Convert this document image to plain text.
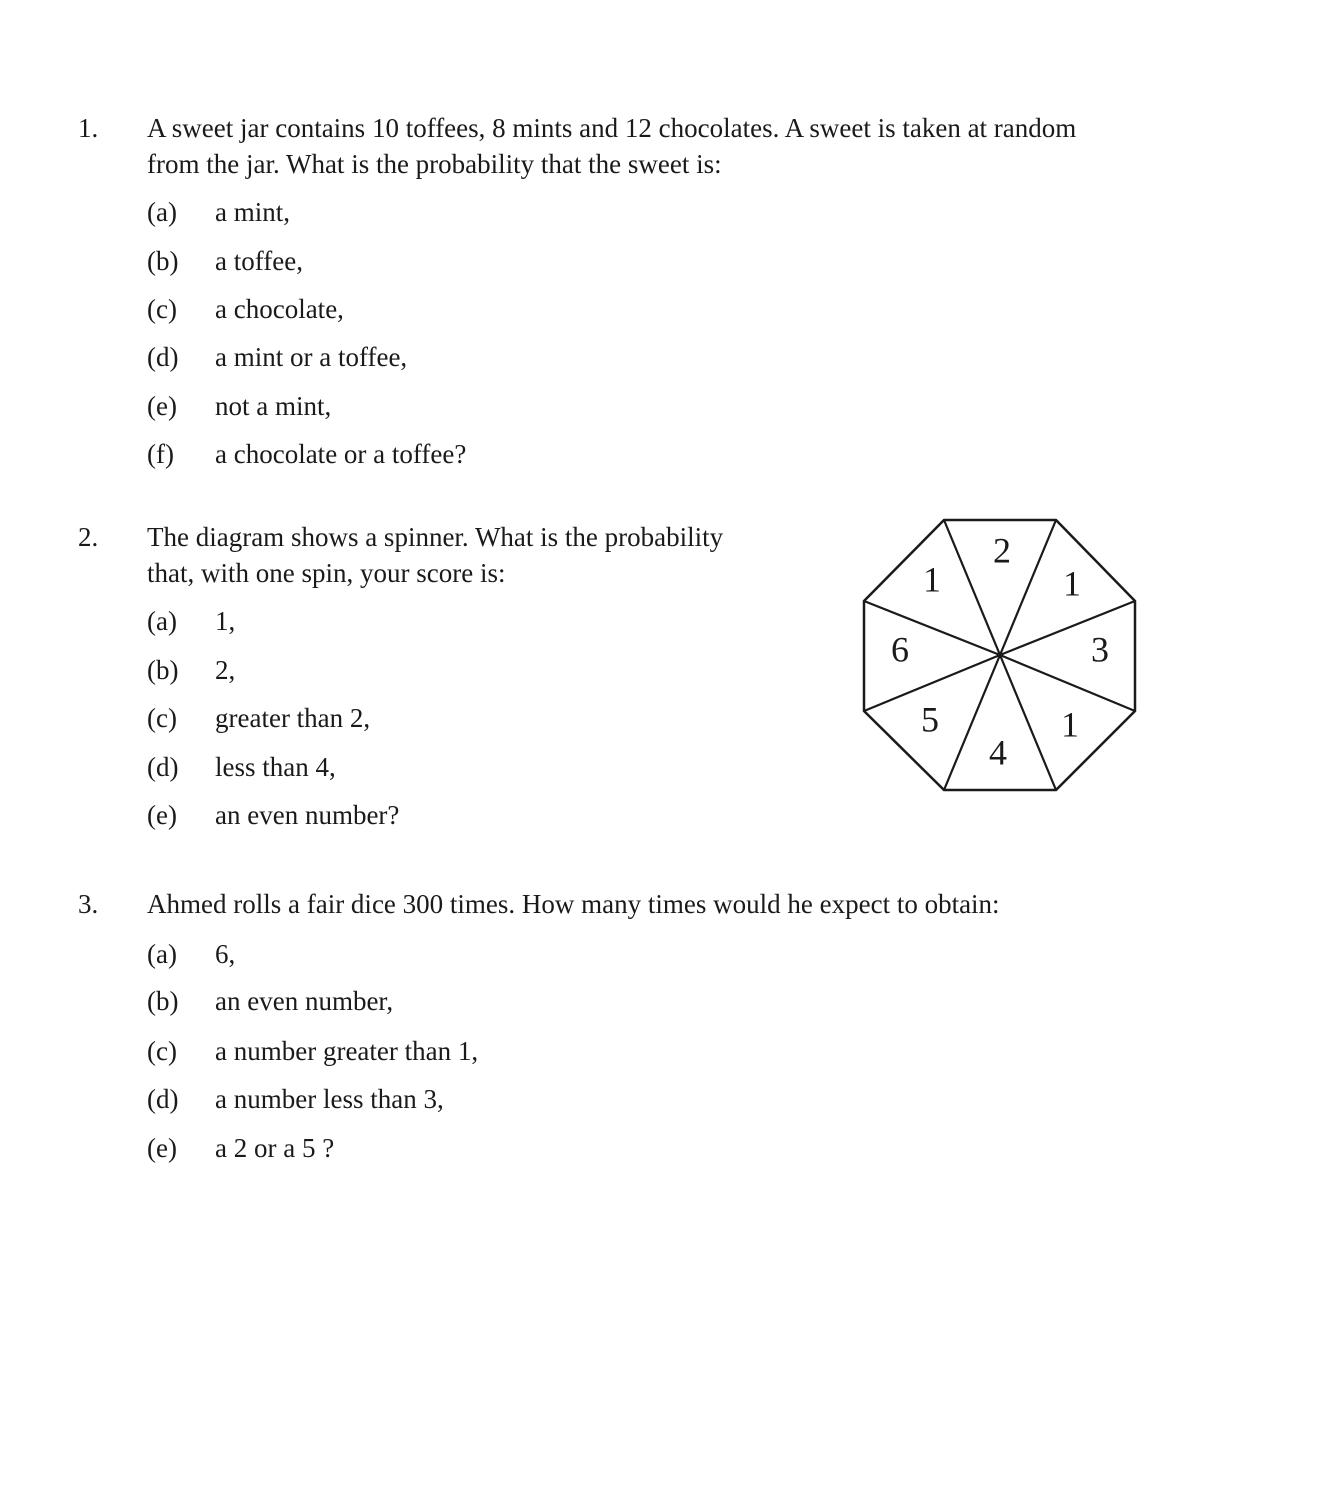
1. A sweet jar contains 10 toffees, 8 mints and 12 chocolates. A sweet is taken at random
from the jar. What is the probability that the sweet is:
(a) a mint,
(b) a toffee,
(c) a chocolate,
(d) a mint or a toffee,
(e) not a mint,
(f) a chocolate or a toffee?
2. The diagram shows a spinner. What is the probability
that, with one spin, your score is:
(a) 1,
(b) 2,
(c) greater than 2,
(d) less than 4,
(e) an even number?
2
1
3
1
4
5
6
1
3. Ahmed rolls a fair dice 300 times. How many times would he expect to obtain:
(a) 6,
(b) an even number,
(c) a number greater than 1,
(d) a number less than 3,
(e) a 2 or a 5 ?
